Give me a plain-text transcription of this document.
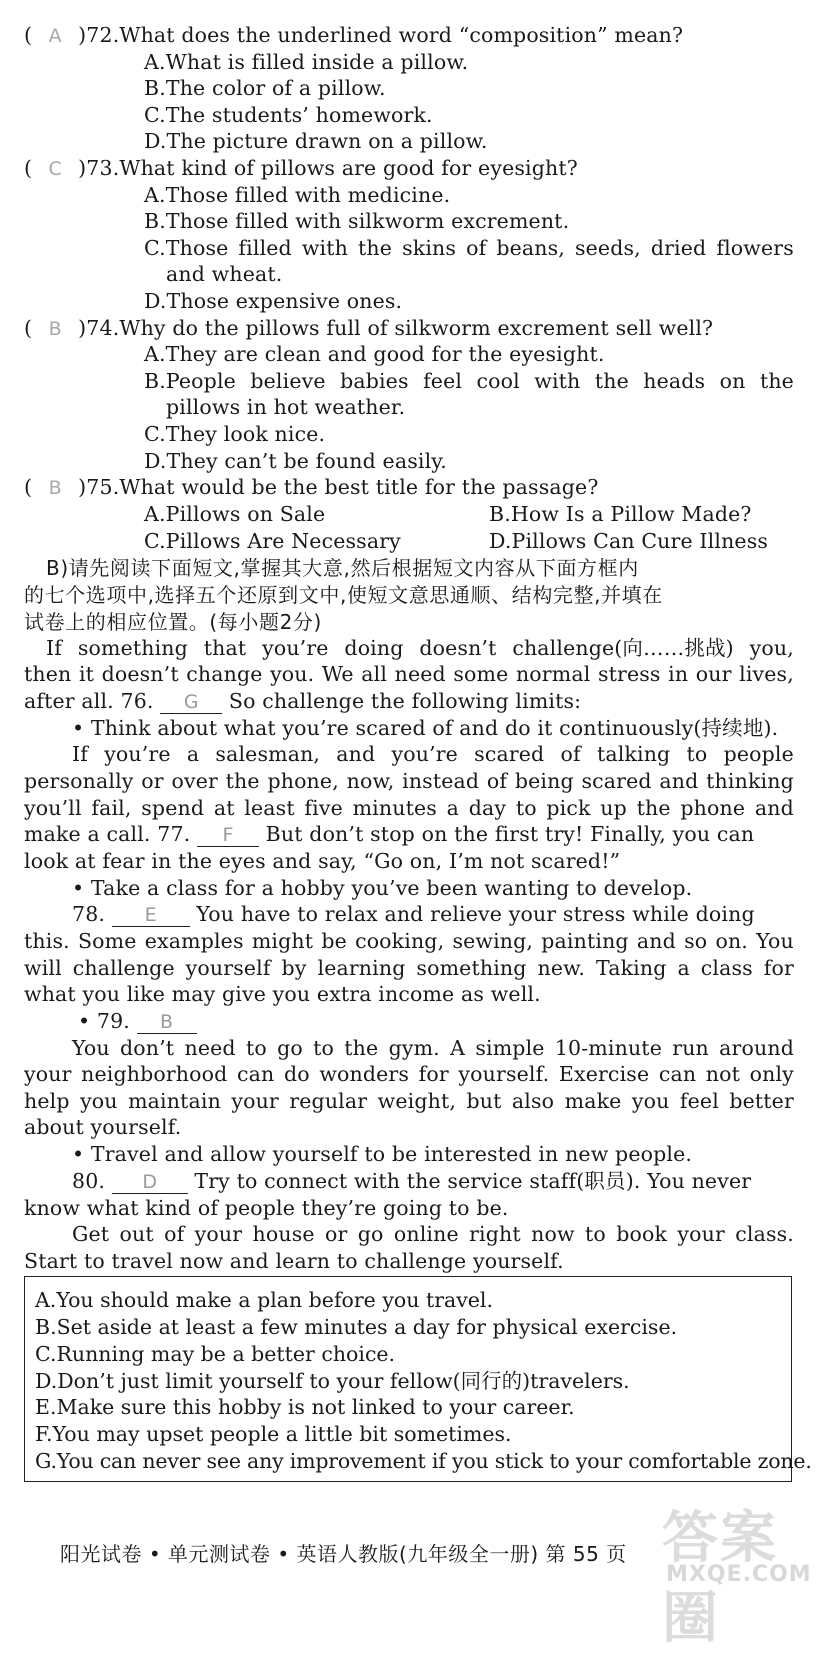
( A )72.What does the underlined word “composition” mean?
A.What is filled inside a pillow.
B.The color of a pillow.
C.The students’ homework.
D.The picture drawn on a pillow.
( C )73.What kind of pillows are good for eyesight?
A.Those filled with medicine.
B.Those filled with silkworm excrement.
C.Those filled with the skins of beans, seeds, dried flowers
and wheat.
D.Those expensive ones.
( B )74.Why do the pillows full of silkworm excrement sell well?
A.They are clean and good for the eyesight.
B.People believe babies feel cool with the heads on the
pillows in hot weather.
C.They look nice.
D.They can’t be found easily.
( B )75.What would be the best title for the passage?
A.Pillows on Sale	B.How Is a Pillow Made?
C.Pillows Are Necessary	D.Pillows Can Cure Illness
B)请先阅读下面短文,掌握其大意,然后根据短文内容从下面方框内
的七个选项中,选择五个还原到文中,使短文意思通顺、结构完整,并填在
试卷上的相应位置。(每小题2分)
If something that you’re doing doesn’t challenge(向……挑战) you,
then it doesn’t change you. We all need some normal stress in our lives,
after all. 76. G So challenge the following limits:
• Think about what you’re scared of and do it continuously(持续地).
If you’re a salesman, and you’re scared of talking to people
personally or over the phone, now, instead of being scared and thinking
you’ll fail, spend at least five minutes a day to pick up the phone and
make a call. 77. F But don’t stop on the first try! Finally, you can
look at fear in the eyes and say, “Go on, I’m not scared!”
• Take a class for a hobby you’ve been wanting to develop.
78. E You have to relax and relieve your stress while doing
this. Some examples might be cooking, sewing, painting and so on. You
will challenge yourself by learning something new. Taking a class for
what you like may give you extra income as well.
• 79. B
You don’t need to go to the gym. A simple 10-minute run around
your neighborhood can do wonders for yourself. Exercise can not only
help you maintain your regular weight, but also make you feel better
about yourself.
• Travel and allow yourself to be interested in new people.
80. D Try to connect with the service staff(职员). You never
know what kind of people they’re going to be.
Get out of your house or go online right now to book your class.
Start to travel now and learn to challenge yourself.
A.You should make a plan before you travel.
B.Set aside at least a few minutes a day for physical exercise.
C.Running may be a better choice.
D.Don’t just limit yourself to your fellow(同行的)travelers.
E.Make sure this hobby is not linked to your career.
F.You may upset people a little bit sometimes.
G.You can never see any improvement if you stick to your comfortable zone.
阳光试卷 • 单元测试卷 • 英语人教版(九年级全一册) 第 55 页 答案圈
MXQE.COM
